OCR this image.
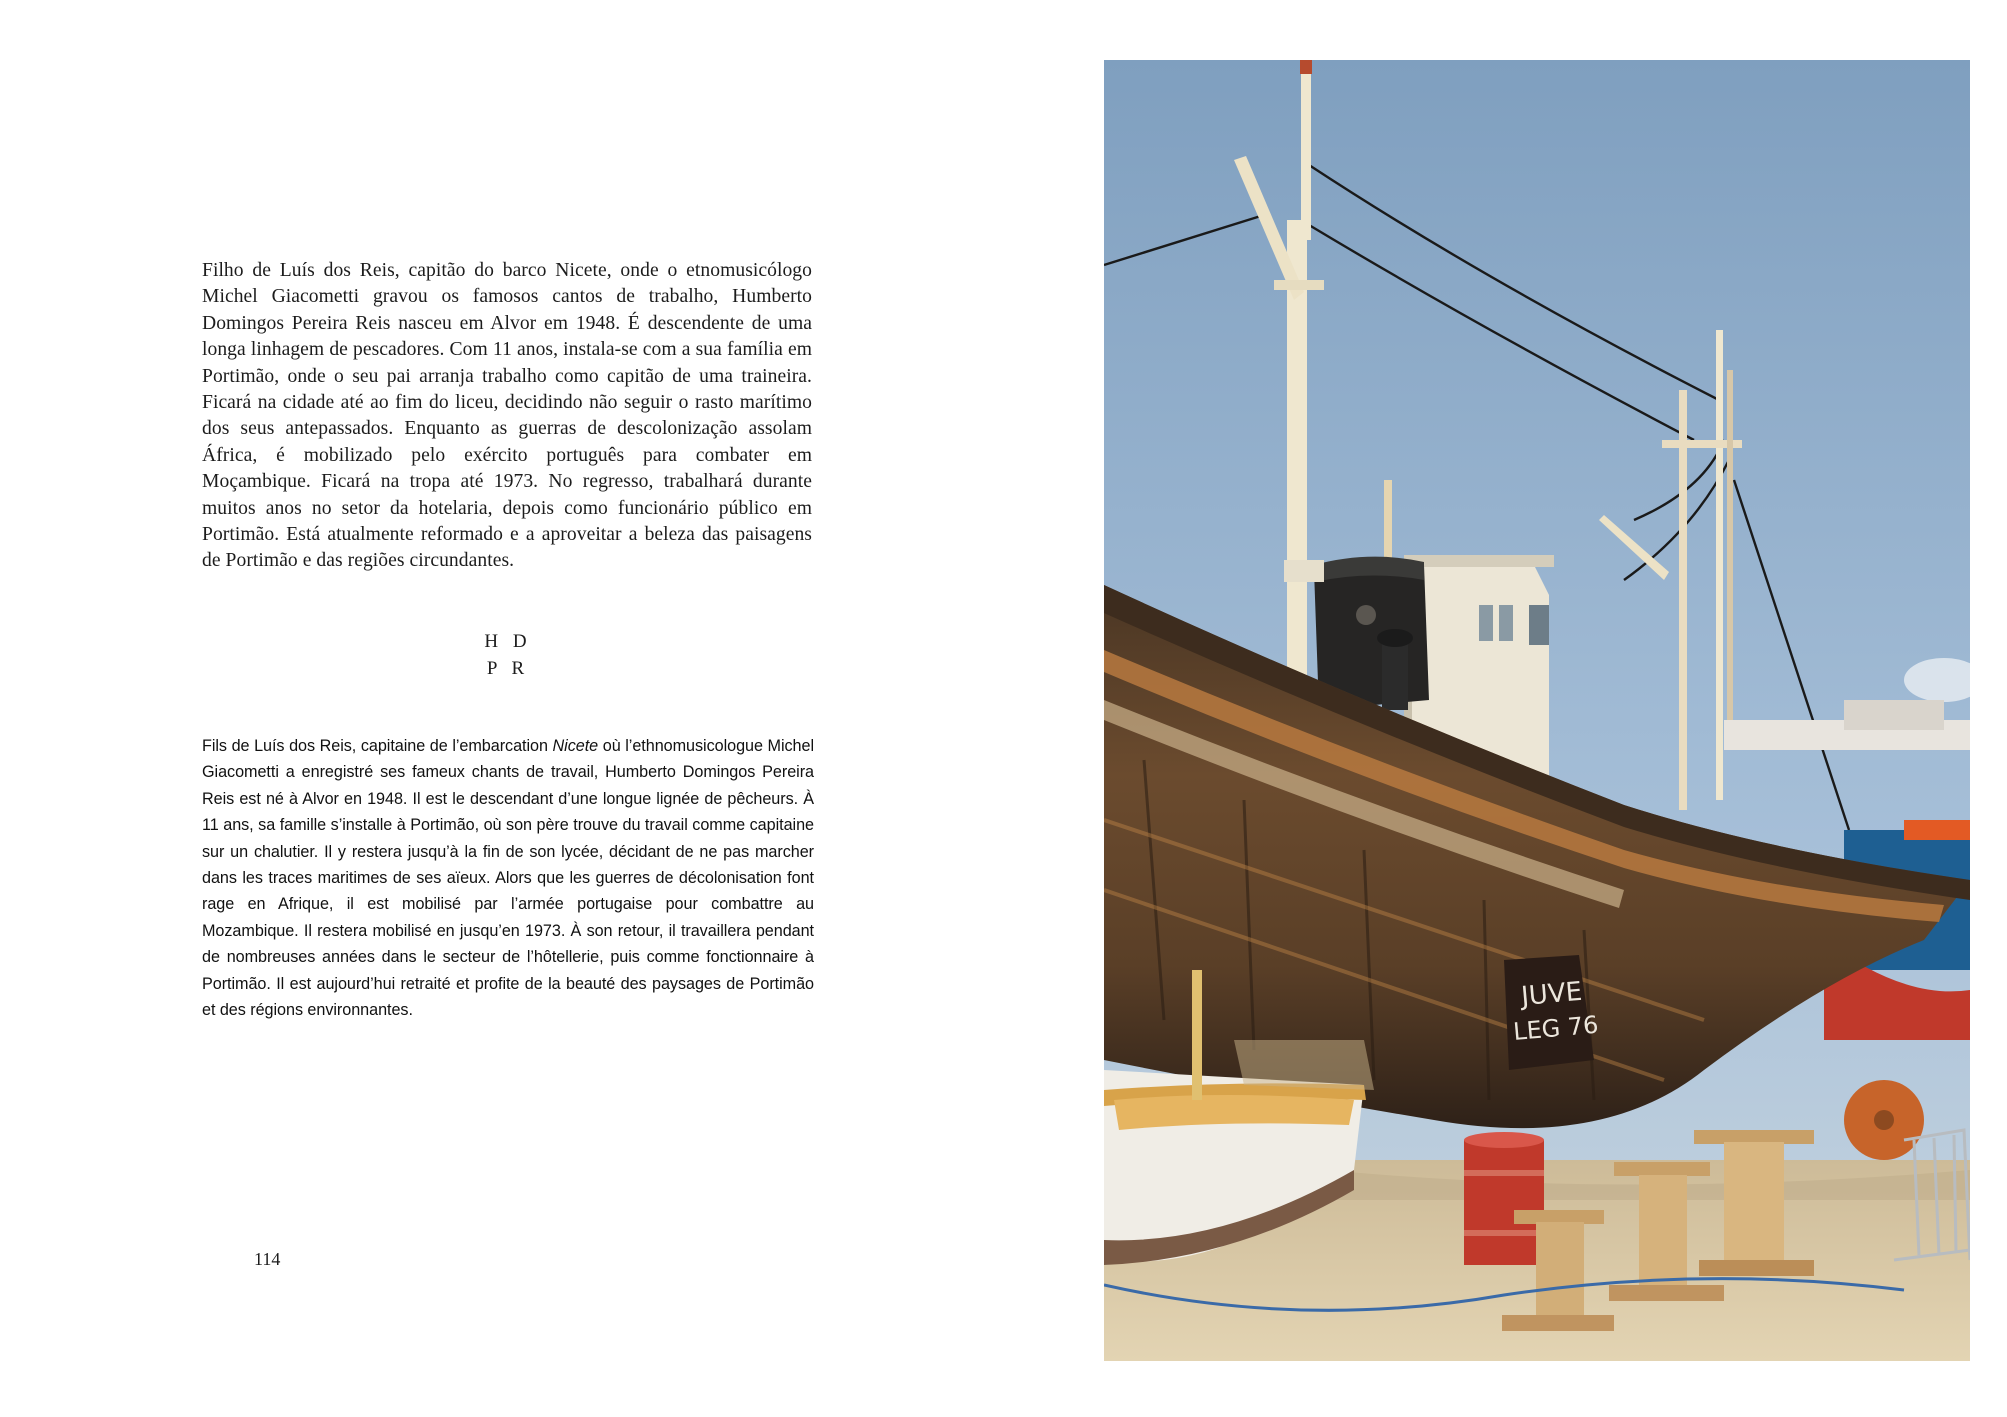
Filho de Luís dos Reis, capitão do barco Nicete, onde o etnomusicólogo Michel Giacometti gravou os famosos cantos de trabalho, Humberto Domingos Pereira Reis nasceu em Alvor em 1948. É descendente de uma longa linhagem de pescadores. Com 11 anos, instala-se com a sua família em Portimão, onde o seu pai arranja trabalho como capitão de uma traineira. Ficará na cidade até ao fim do liceu, decidindo não seguir o rasto marítimo dos seus antepassados. Enquanto as guerras de descolonização assolam África, é mobilizado pelo exército português para combater em Moçambique. Ficará na tropa até 1973. No regresso, trabalhará durante muitos anos no setor da hotelaria, depois como funcionário público em Portimão. Está atualmente reformado e a aproveitar a beleza das paisagens de Portimão e das regiões circundantes.

H D
P R

Fils de Luís dos Reis, capitaine de l’embarcation Nicete où l’ethnomusicologue Michel Giacometti a enregistré ses fameux chants de travail, Humberto Domingos Pereira Reis est né à Alvor en 1948. Il est le descendant d’une longue lignée de pêcheurs. À 11 ans, sa famille s’installe à Portimão, où son père trouve du travail comme capitaine sur un chalutier. Il y restera jusqu’à la fin de son lycée, décidant de ne pas marcher dans les traces maritimes de ses aïeux. Alors que les guerres de décolonisation font rage en Afrique, il est mobilisé par l’armée portugaise pour combattre au Mozambique. Il restera mobilisé en jusqu’en 1973. À son retour, il travaillera pendant de nombreuses années dans le secteur de l’hôtellerie, puis comme fonctionnaire à Portimão. Il est aujourd’hui retraité et profite de la beauté des paysages de Portimão et des régions environnantes.

114
JUVE
LEG 76
